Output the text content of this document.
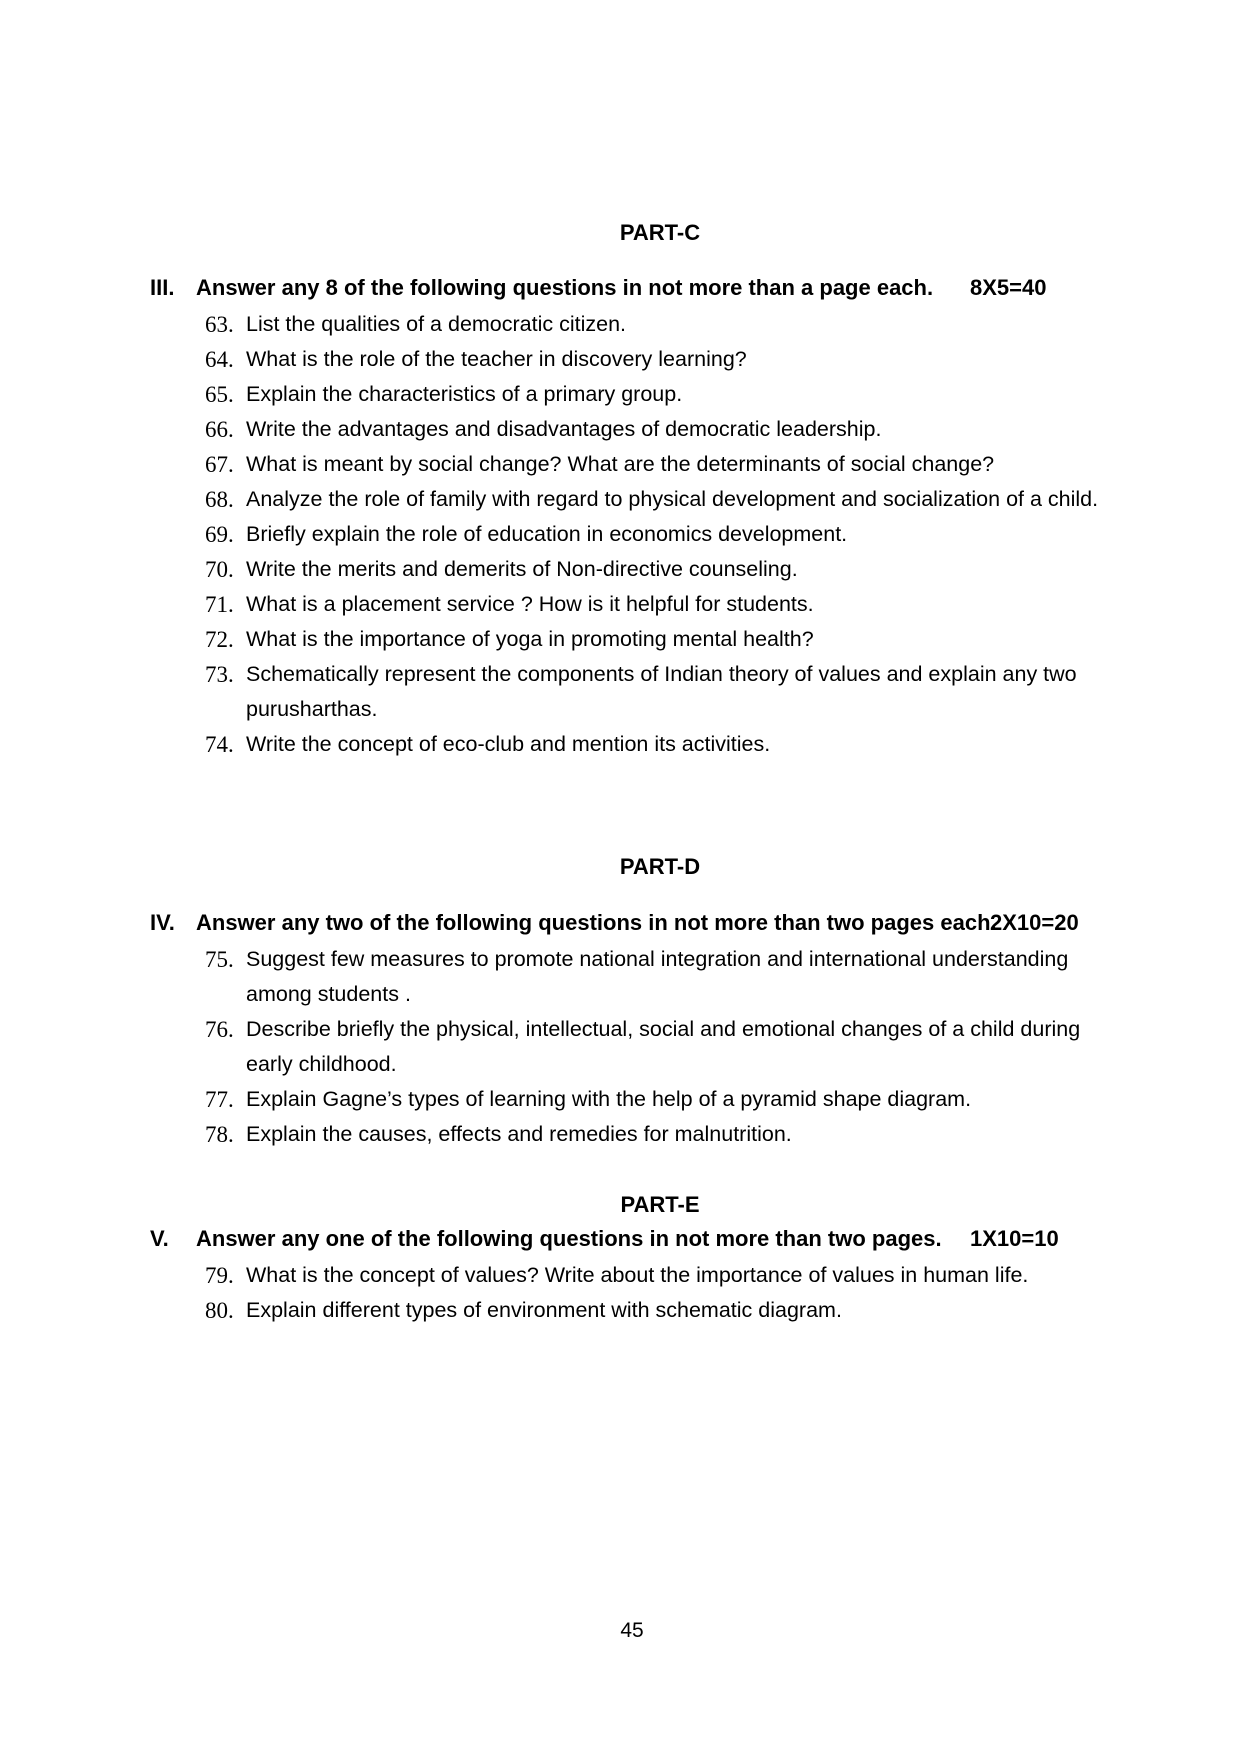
PART-C
III. Answer any 8 of the following questions in not more than a page each. 8X5=40
63. List the qualities of a democratic citizen.
64. What is the role of the teacher in discovery learning?
65. Explain the characteristics of a primary group.
66. Write the advantages and disadvantages of democratic leadership.
67. What is meant by social change? What are the determinants of social change?
68. Analyze the role of family with regard to physical development and socialization of a child.
69. Briefly explain the role of education in economics development.
70. Write the merits and demerits of Non-directive counseling.
71. What is a placement service ? How is it helpful for students.
72. What is the importance of yoga in promoting mental health?
73. Schematically represent the components of Indian theory of values and explain any two purusharthas.
74. Write the concept of eco-club and mention its activities.
PART-D
IV. Answer any two of the following questions in not more than two pages each.
2X10=20
75. Suggest few measures to promote national integration and international understanding among students .
76. Describe briefly the physical, intellectual, social and emotional changes of a child during early childhood.
77. Explain Gagne’s types of learning with the help of a pyramid shape diagram.
78. Explain the causes, effects and remedies for malnutrition.
PART-E
V. Answer any one of the following questions in not more than two pages. 1X10=10
79. What is the concept of values? Write about the importance of values in human life.
80. Explain different types of environment with schematic diagram.
45
